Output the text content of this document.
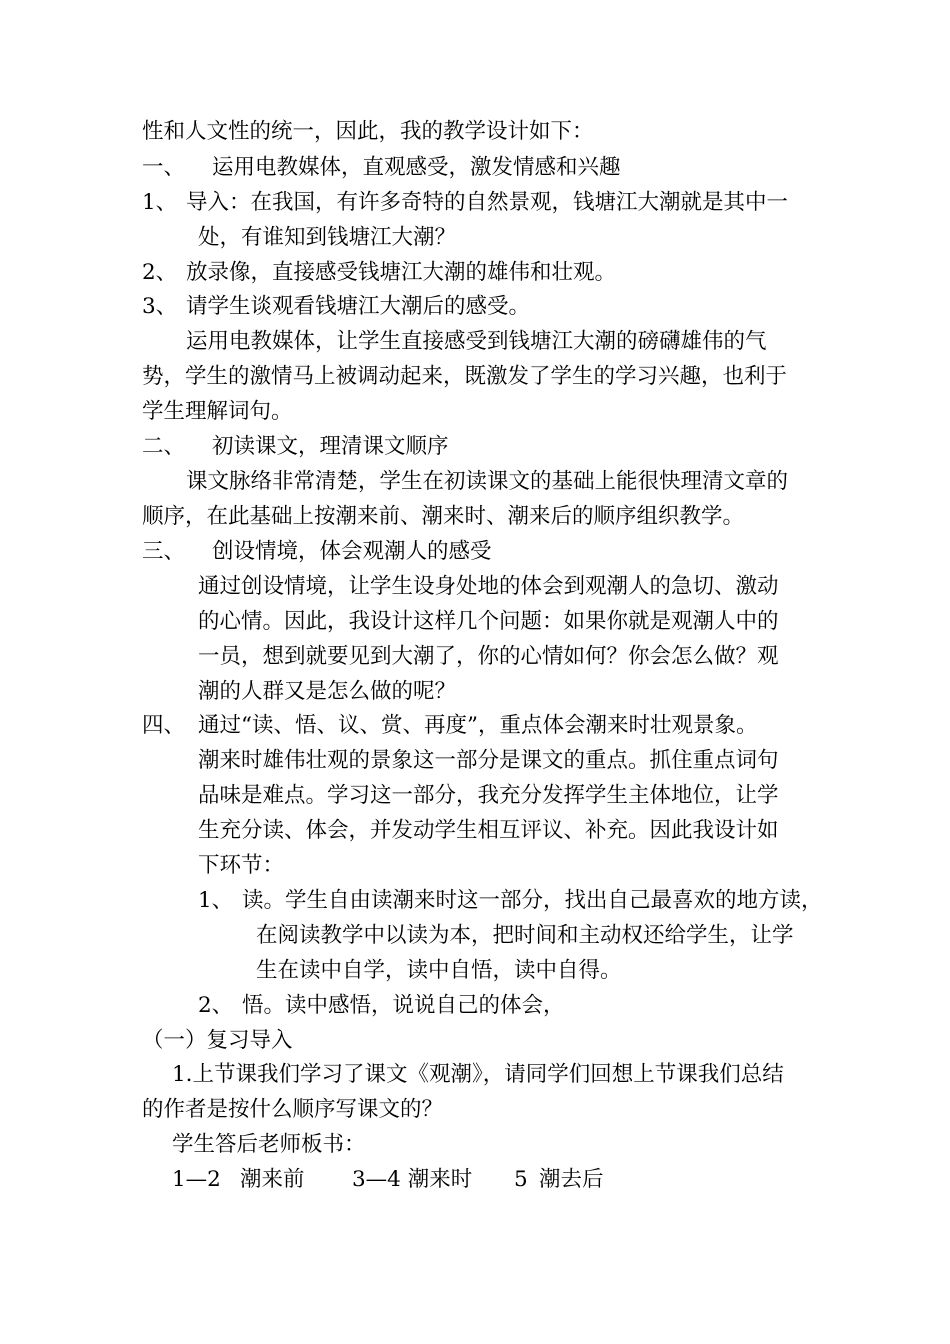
性和人文性的统一，因此，我的教学设计如下：
一、 运用电教媒体，直观感受，激发情感和兴趣
1、 导入：在我国，有许多奇特的自然景观，钱塘江大潮就是其中一
处，有谁知到钱塘江大潮？
2、 放录像，直接感受钱塘江大潮的雄伟和壮观。
3、 请学生谈观看钱塘江大潮后的感受。
运用电教媒体，让学生直接感受到钱塘江大潮的磅礴雄伟的气
势，学生的激情马上被调动起来，既激发了学生的学习兴趣，也利于
学生理解词句。
二、 初读课文，理清课文顺序
课文脉络非常清楚，学生在初读课文的基础上能很快理清文章的
顺序，在此基础上按潮来前、潮来时、潮来后的顺序组织教学。
三、 创设情境，体会观潮人的感受
通过创设情境，让学生设身处地的体会到观潮人的急切、激动
的心情。因此，我设计这样几个问题：如果你就是观潮人中的
一员，想到就要见到大潮了，你的心情如何？你会怎么做？观
潮的人群又是怎么做的呢？
四、 通过“读、悟、议、赏、再度”，重点体会潮来时壮观景象。
潮来时雄伟壮观的景象这一部分是课文的重点。抓住重点词句
品味是难点。学习这一部分，我充分发挥学生主体地位，让学
生充分读、体会，并发动学生相互评议、补充。因此我设计如
下环节：
1、 读。学生自由读潮来时这一部分，找出自己最喜欢的地方读，
在阅读教学中以读为本，把时间和主动权还给学生，让学
生在读中自学，读中自悟，读中自得。
2、 悟。读中感悟，说说自己的体会，
（一）复习导入
1.上节课我们学习了课文《观潮》，请同学们回想上节课我们总结
的作者是按什么顺序写课文的？
学生答后老师板书：
1—2 潮来前 3—4 潮来时 5 潮去后
